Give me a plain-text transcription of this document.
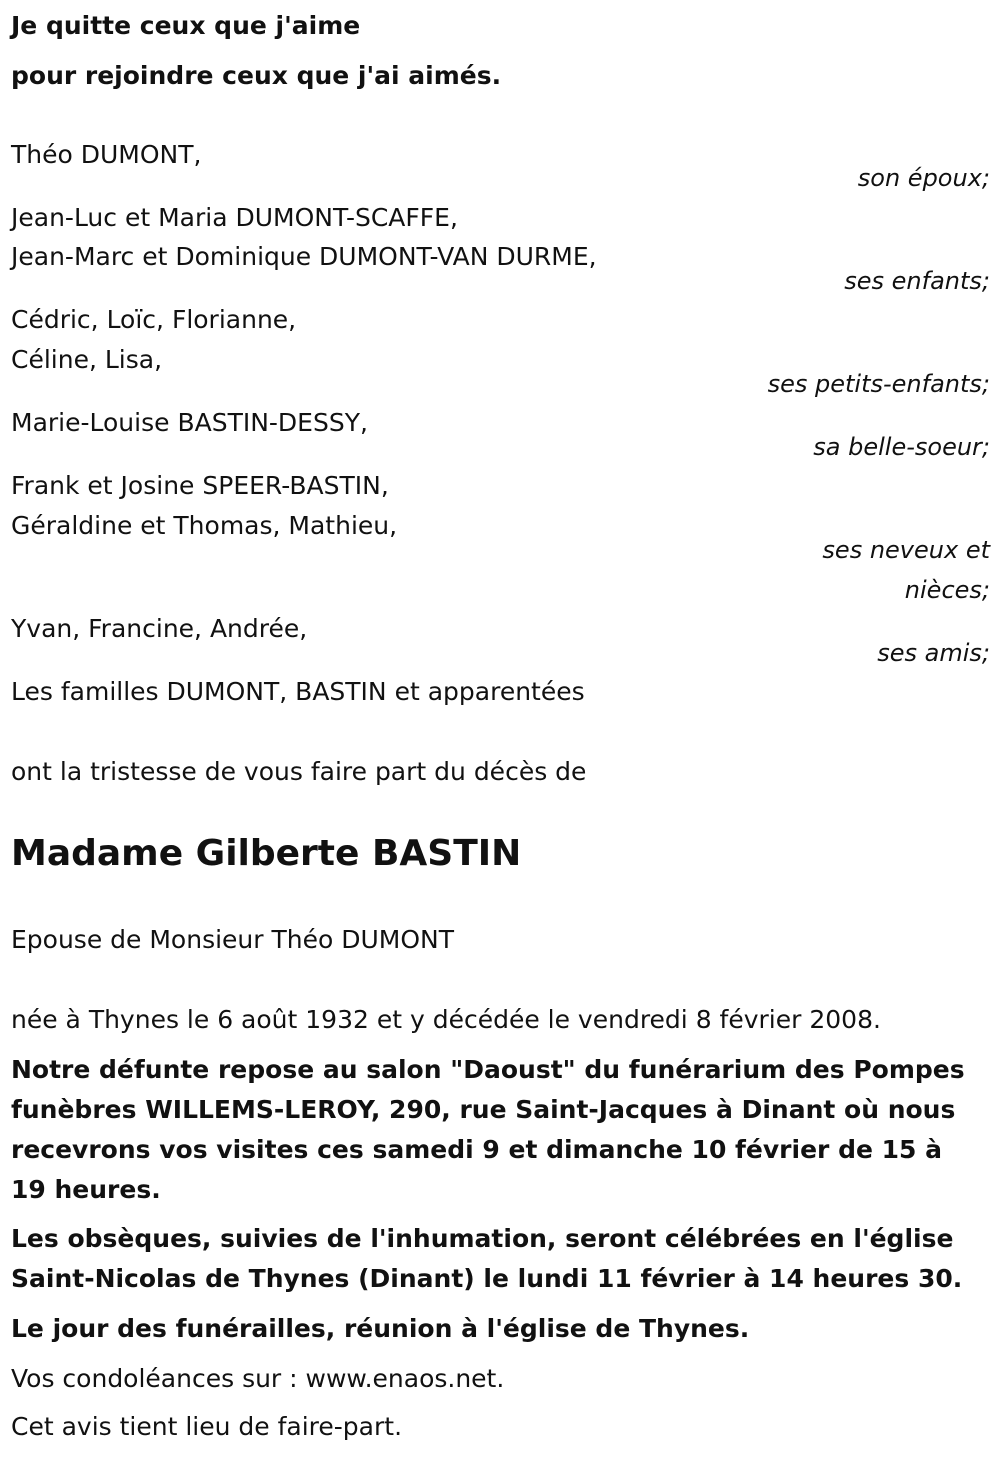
Je quitte ceux que j'aime
pour rejoindre ceux que j'ai aimés.
Théo DUMONT,
son époux;
Jean-Luc et Maria DUMONT-SCAFFE,
Jean-Marc et Dominique DUMONT-VAN DURME,
ses enfants;
Cédric, Loïc, Florianne,
Céline, Lisa,
ses petits-enfants;
Marie-Louise BASTIN-DESSY,
sa belle-soeur;
Frank et Josine SPEER-BASTIN,
Géraldine et Thomas, Mathieu,
ses neveux et
nièces;
Yvan, Francine, Andrée,
ses amis;
Les familles DUMONT, BASTIN et apparentées
ont la tristesse de vous faire part du décès de
Madame Gilberte BASTIN
Epouse de Monsieur Théo DUMONT
née à Thynes le 6 août 1932 et y décédée le vendredi 8 février 2008.
Notre défunte repose au salon "Daoust" du funérarium des Pompes funèbres WILLEMS-LEROY, 290, rue Saint-Jacques à Dinant où nous recevrons vos visites ces samedi 9 et dimanche 10 février de 15 à 19 heures.
Les obsèques, suivies de l'inhumation, seront célébrées en l'église Saint-Nicolas de Thynes (Dinant) le lundi 11 février à 14 heures 30.
Le jour des funérailles, réunion à l'église de Thynes.
Vos condoléances sur : www.enaos.net.
Cet avis tient lieu de faire-part.
